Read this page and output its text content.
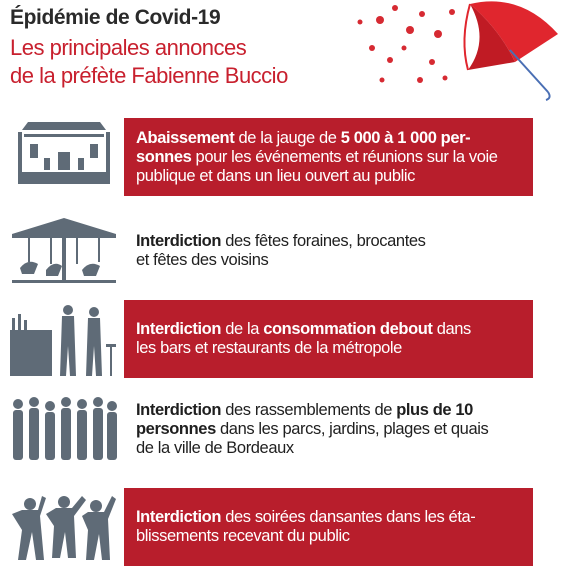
Épidémie de Covid-19
Les principales annonces
de la préfète Fabienne Buccio
Abaissement de la jauge de 5 000 à 1 000 per-
sonnes pour les événements et réunions sur la voie
publique et dans un lieu ouvert au public
Interdiction des fêtes foraines, brocantes
et fêtes des voisins
Interdiction de la consommation debout dans
les bars et restaurants de la métropole
Interdiction des rassemblements de plus de 10
personnes dans les parcs, jardins, plages et quais
de la ville de Bordeaux
Interdiction des soirées dansantes dans les éta-
blissements recevant du public
